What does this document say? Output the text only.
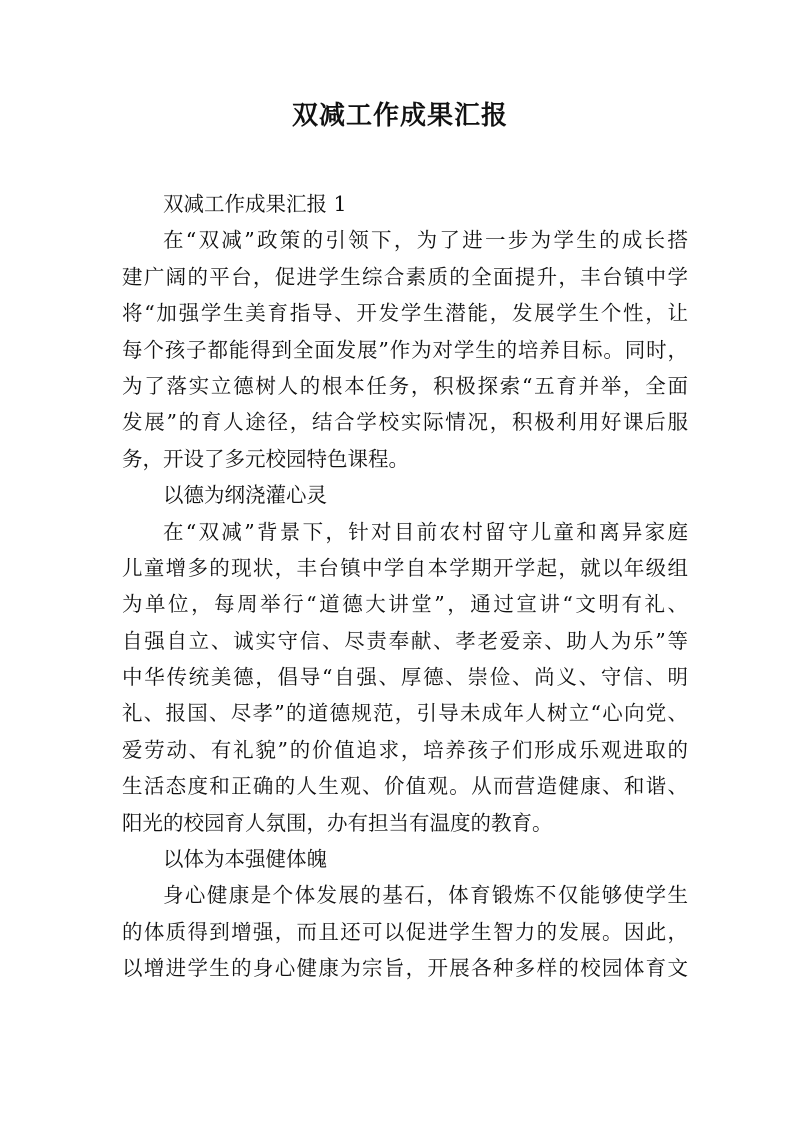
双减工作成果汇报
双减工作成果汇报 1
在“双减”政策的引领下，为了进一步为学生的成长搭
建广阔的平台，促进学生综合素质的全面提升，丰台镇中学
将“加强学生美育指导、开发学生潜能，发展学生个性，让
每个孩子都能得到全面发展”作为对学生的培养目标。同时，
为了落实立德树人的根本任务，积极探索“五育并举，全面
发展”的育人途径，结合学校实际情况，积极利用好课后服
务，开设了多元校园特色课程。
以德为纲浇灌心灵
在“双减”背景下，针对目前农村留守儿童和离异家庭
儿童增多的现状，丰台镇中学自本学期开学起，就以年级组
为单位，每周举行“道德大讲堂”，通过宣讲“文明有礼、
自强自立、诚实守信、尽责奉献、孝老爱亲、助人为乐”等
中华传统美德，倡导“自强、厚德、崇俭、尚义、守信、明
礼、报国、尽孝”的道德规范，引导未成年人树立“心向党、
爱劳动、有礼貌”的价值追求，培养孩子们形成乐观进取的
生活态度和正确的人生观、价值观。从而营造健康、和谐、
阳光的校园育人氛围，办有担当有温度的教育。
以体为本强健体魄
身心健康是个体发展的基石，体育锻炼不仅能够使学生
的体质得到增强，而且还可以促进学生智力的发展。因此，
以增进学生的身心健康为宗旨，开展各种多样的校园体育文
